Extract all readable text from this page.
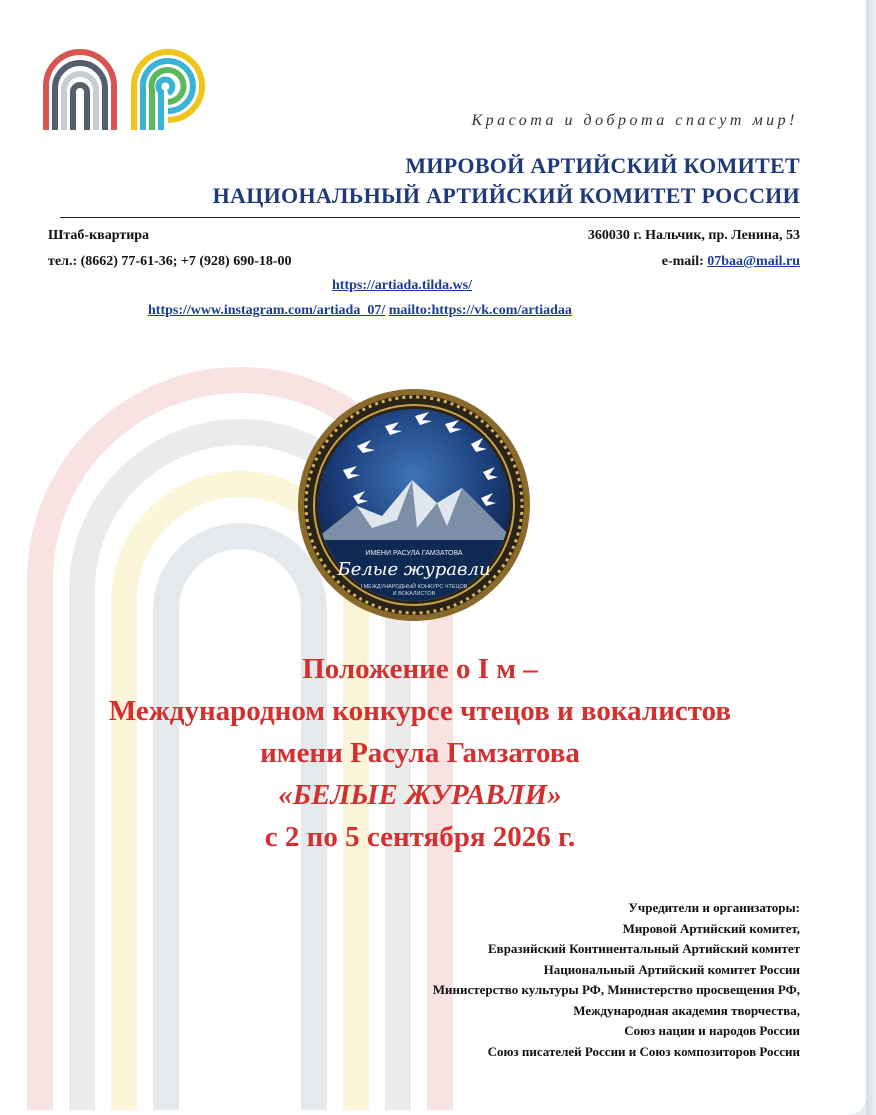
Красота и доброта спасут мир!
МИРОВОЙ АРТИЙСКИЙ КОМИТЕТ
НАЦИОНАЛЬНЫЙ АРТИЙСКИЙ КОМИТЕТ РОССИИ
Штаб-квартира	360030 г. Нальчик, пр. Ленина, 53
тел.: (8662) 77-61-36; +7 (928) 690-18-00	e-mail: 07baa@mail.ru
https://artiada.tilda.ws/
https://www.instagram.com/artiada_07/ mailto:https://vk.com/artiadaa
ИМЕНИ РАСУЛА ГАМЗАТОВА
Белые журавли
I МЕЖДУНАРОДНЫЙ КОНКУРС ЧТЕЦОВ
И ВОКАЛИСТОВ
Положение о I м –
Международном конкурсе чтецов и вокалистов
имени Расула Гамзатова
«БЕЛЫЕ ЖУРАВЛИ»
с 2 по 5 сентября 2026 г.
Учредители и организаторы:
Мировой Артийский комитет,
Евразийский Континентальный Артийский комитет
Национальный Артийский комитет России
Министерство культуры РФ, Министерство просвещения РФ,
Международная академия творчества,
Союз нации и народов России
Союз писателей России и Союз композиторов России
